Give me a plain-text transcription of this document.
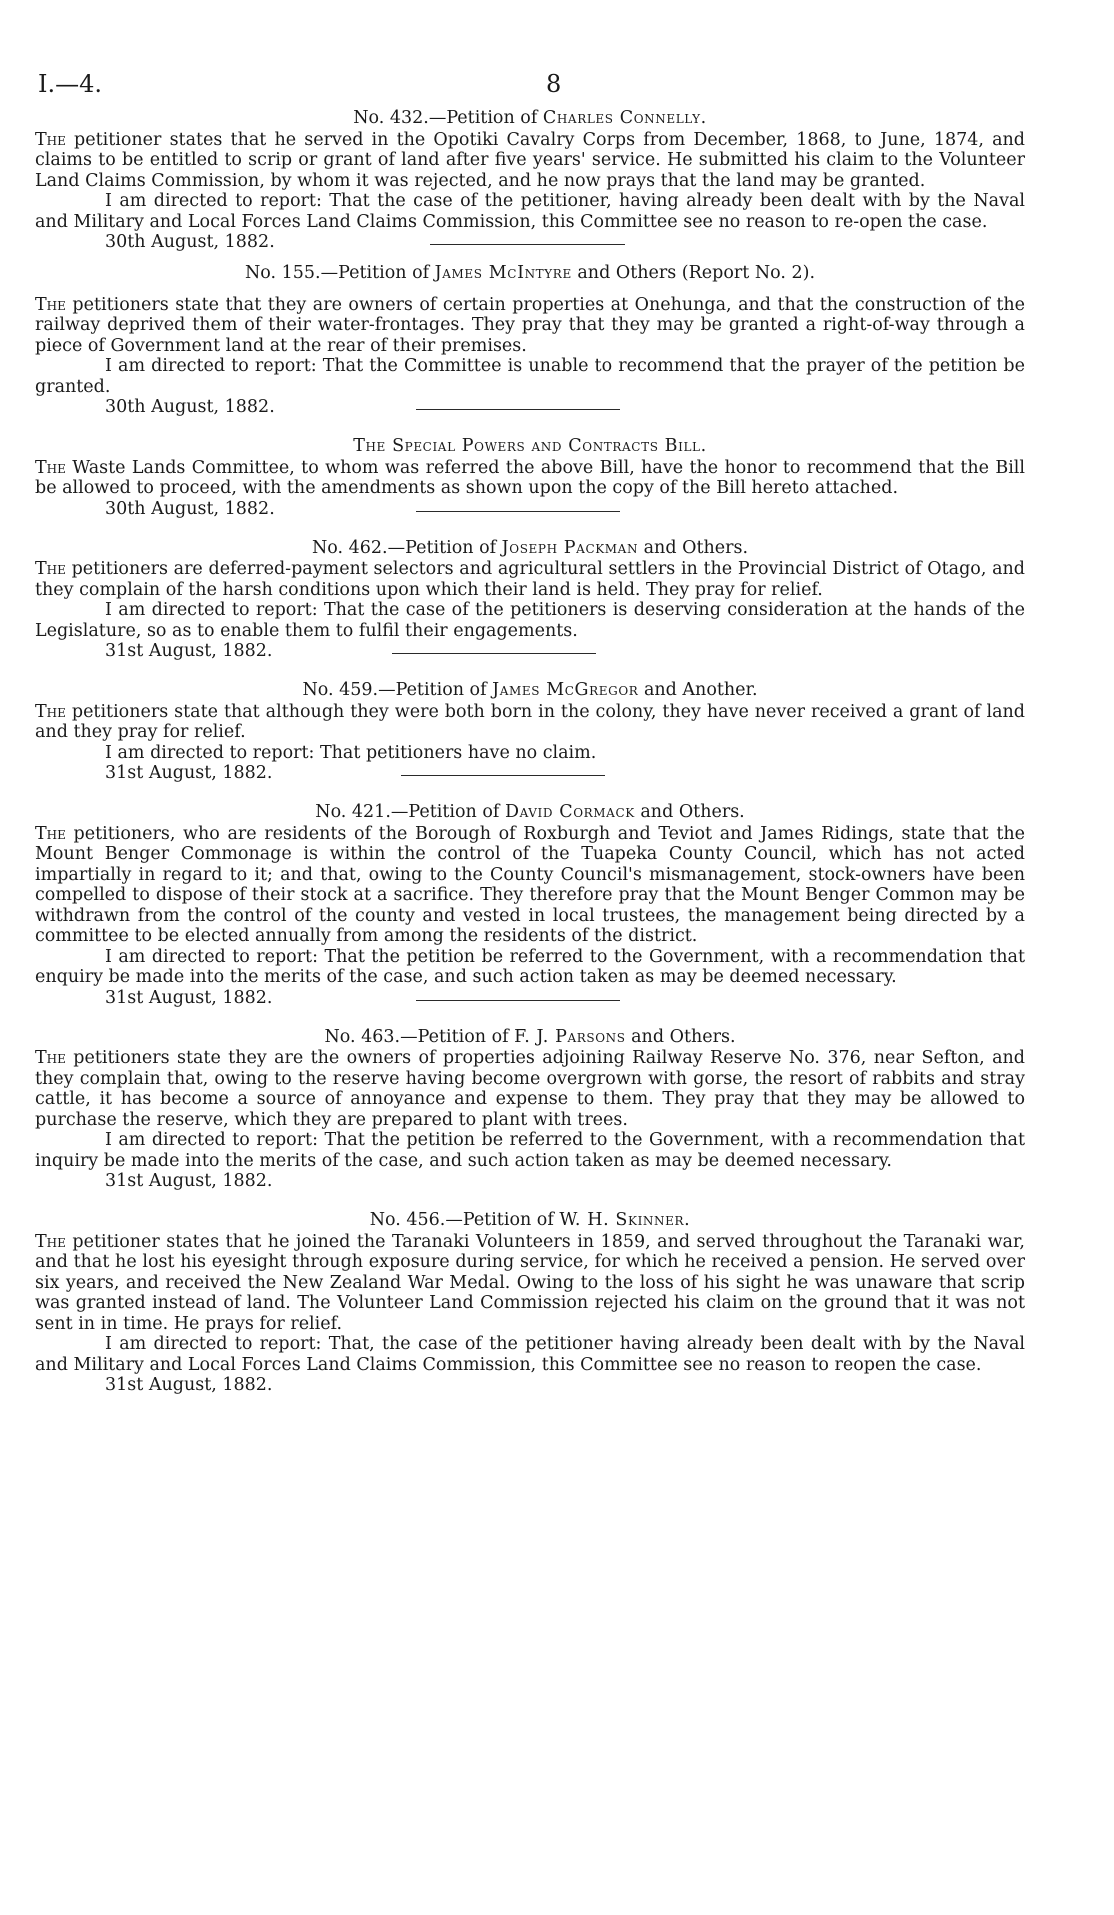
I.—4.	8
No. 432.—Petition of Charles Connelly.

The petitioner states that he served in the Opotiki Cavalry Corps from December, 1868, to June, 1874, and claims to be entitled to scrip or grant of land after five years' service. He submitted his claim to the Volunteer Land Claims Commission, by whom it was rejected, and he now prays that the land may be granted.

I am directed to report: That the case of the petitioner, having already been dealt with by the Naval and Military and Local Forces Land Claims Commission, this Committee see no reason to re-open the case.

30th August, 1882.
No. 155.—Petition of James McIntyre and Others (Report No. 2).

The petitioners state that they are owners of certain properties at Onehunga, and that the construction of the railway deprived them of their water-frontages. They pray that they may be granted a right-of-way through a piece of Government land at the rear of their premises.

I am directed to report: That the Committee is unable to recommend that the prayer of the petition be granted.

30th August, 1882.
The Special Powers and Contracts Bill.

The Waste Lands Committee, to whom was referred the above Bill, have the honor to recommend that the Bill be allowed to proceed, with the amendments as shown upon the copy of the Bill hereto attached.

30th August, 1882.
No. 462.—Petition of Joseph Packman and Others.

The petitioners are deferred-payment selectors and agricultural settlers in the Provincial District of Otago, and they complain of the harsh conditions upon which their land is held. They pray for relief.

I am directed to report: That the case of the petitioners is deserving consideration at the hands of the Legislature, so as to enable them to fulfil their engagements.

31st August, 1882.
No. 459.—Petition of James McGregor and Another.

The petitioners state that although they were both born in the colony, they have never received a grant of land and they pray for relief.

I am directed to report: That petitioners have no claim.

31st August, 1882.
No. 421.—Petition of David Cormack and Others.

The petitioners, who are residents of the Borough of Roxburgh and Teviot and James Ridings, state that the Mount Benger Commonage is within the control of the Tuapeka County Council, which has not acted impartially in regard to it; and that, owing to the County Council's mismanagement, stock-owners have been compelled to dispose of their stock at a sacrifice. They therefore pray that the Mount Benger Common may be withdrawn from the control of the county and vested in local trustees, the management being directed by a committee to be elected annually from among the residents of the district.

I am directed to report: That the petition be referred to the Government, with a recommendation that enquiry be made into the merits of the case, and such action taken as may be deemed necessary.

31st August, 1882.
No. 463.—Petition of F. J. Parsons and Others.

The petitioners state they are the owners of properties adjoining Railway Reserve No. 376, near Sefton, and they complain that, owing to the reserve having become overgrown with gorse, the resort of rabbits and stray cattle, it has become a source of annoyance and expense to them. They pray that they may be allowed to purchase the reserve, which they are prepared to plant with trees.

I am directed to report: That the petition be referred to the Government, with a recommendation that inquiry be made into the merits of the case, and such action taken as may be deemed necessary.

31st August, 1882.
No. 456.—Petition of W. H. Skinner.

The petitioner states that he joined the Taranaki Volunteers in 1859, and served throughout the Taranaki war, and that he lost his eyesight through exposure during service, for which he received a pension. He served over six years, and received the New Zealand War Medal. Owing to the loss of his sight he was unaware that scrip was granted instead of land. The Volunteer Land Commission rejected his claim on the ground that it was not sent in in time. He prays for relief.

I am directed to report: That, the case of the petitioner having already been dealt with by the Naval and Military and Local Forces Land Claims Commission, this Committee see no reason to reopen the case.

31st August, 1882.
